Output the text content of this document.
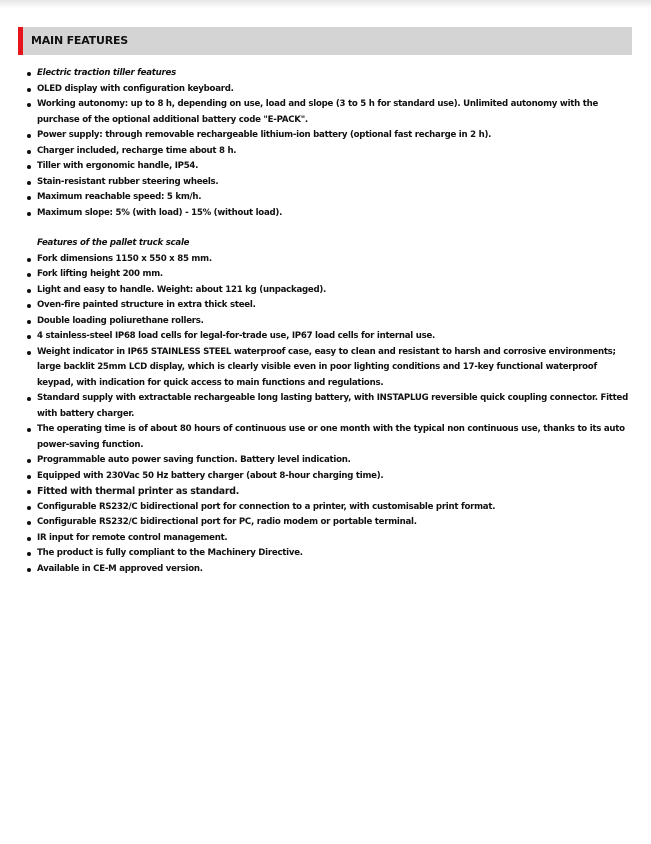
MAIN FEATURES
Electric traction tiller features
OLED display with configuration keyboard.
Working autonomy: up to 8 h, depending on use, load and slope (3 to 5 h for standard use). Unlimited autonomy with the purchase of the optional additional battery code "E-PACK".
Power supply: through removable rechargeable lithium-ion battery (optional fast recharge in 2 h).
Charger included, recharge time about 8 h.
Tiller with ergonomic handle, IP54.
Stain-resistant rubber steering wheels.
Maximum reachable speed: 5 km/h.
Maximum slope: 5% (with load) - 15% (without load).
Features of the pallet truck scale
Fork dimensions 1150 x 550 x 85 mm.
Fork lifting height 200 mm.
Light and easy to handle. Weight: about 121 kg (unpackaged).
Oven-fire painted structure in extra thick steel.
Double loading poliurethane rollers.
4 stainless-steel IP68 load cells for legal-for-trade use, IP67 load cells for internal use.
Weight indicator in IP65 STAINLESS STEEL waterproof case, easy to clean and resistant to harsh and corrosive environments; large backlit 25mm LCD display, which is clearly visible even in poor lighting conditions and 17-key functional waterproof keypad, with indication for quick access to main functions and regulations.
Standard supply with extractable rechargeable long lasting battery, with INSTAPLUG reversible quick coupling connector. Fitted with battery charger.
The operating time is of about 80 hours of continuous use or one month with the typical non continuous use, thanks to its auto power-saving function.
Programmable auto power saving function. Battery level indication.
Equipped with 230Vac 50 Hz battery charger (about 8-hour charging time).
Fitted with thermal printer as standard.
Configurable RS232/C bidirectional port for connection to a printer, with customisable print format.
Configurable RS232/C bidirectional port for PC, radio modem or portable terminal.
IR input for remote control management.
The product is fully compliant to the Machinery Directive.
Available in CE-M approved version.
